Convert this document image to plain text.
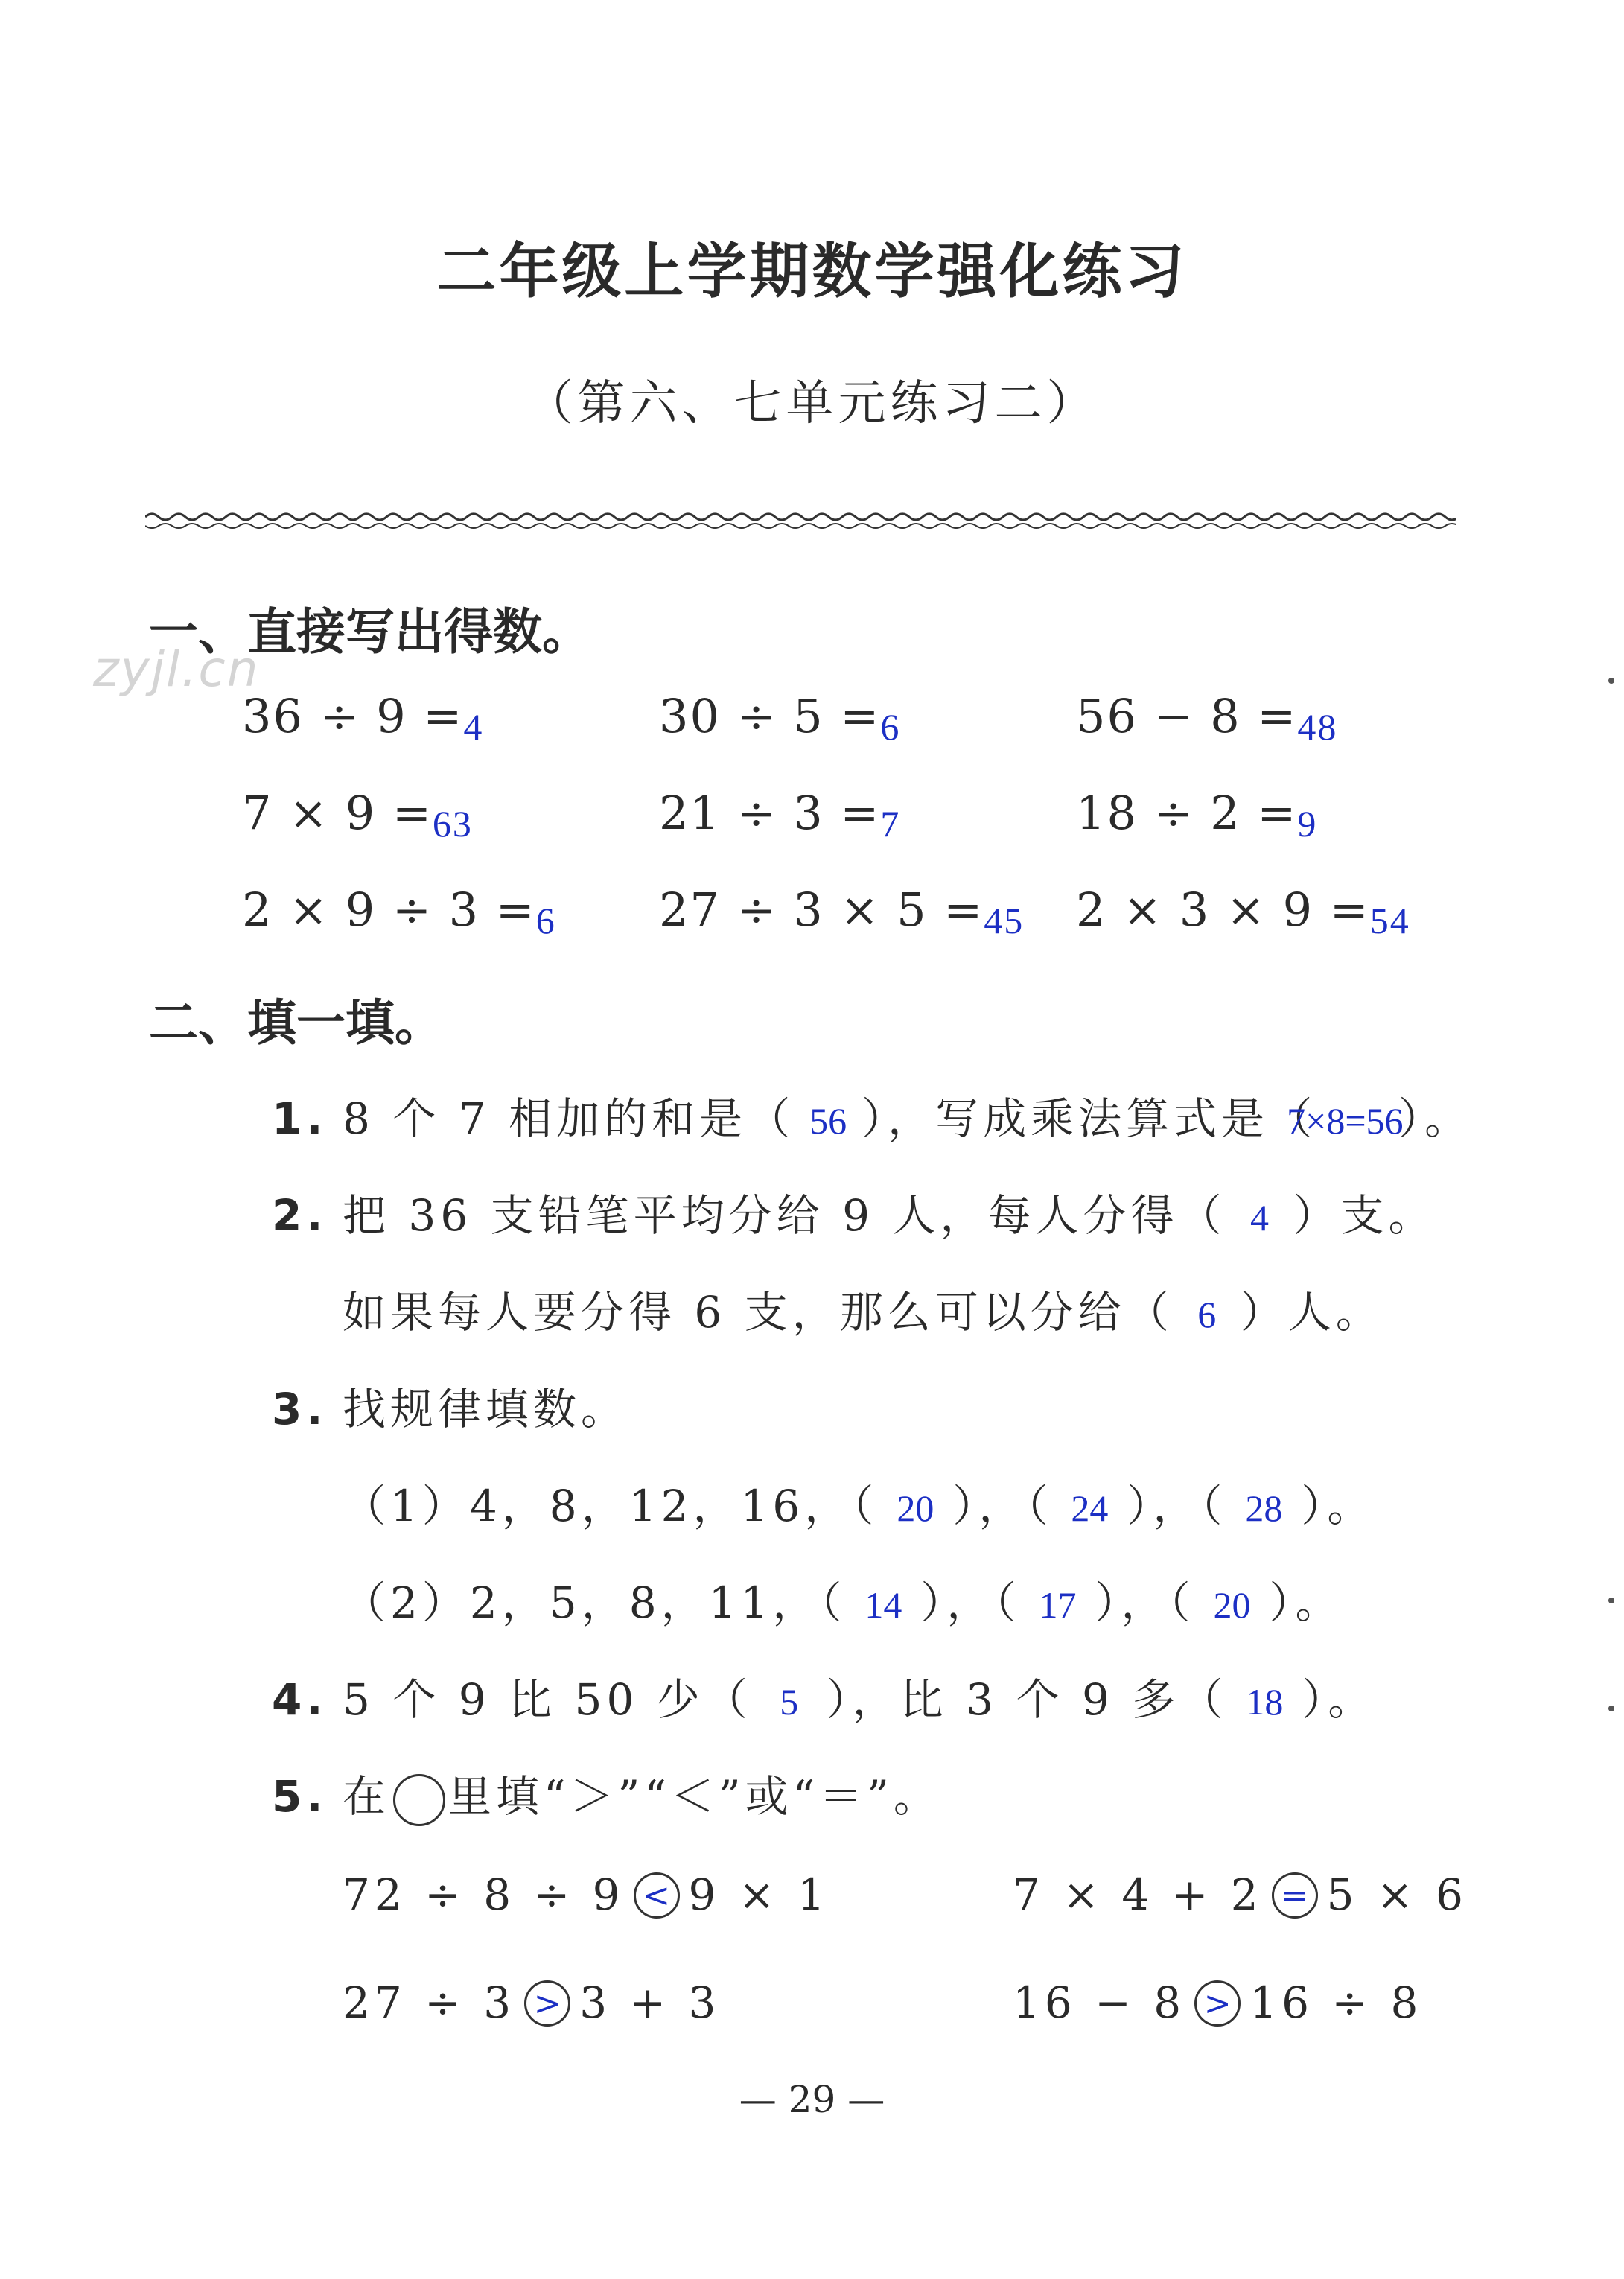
二年级上学期数学强化练习
（第六、七单元练习二）
zyjl.cn
一、直接写出得数。
36 ÷ 9 =4	30 ÷ 5 =6	56 − 8 =48
7 × 9 =63	21 ÷ 3 =7	18 ÷ 2 =9
2 × 9 ÷ 3 =6 27 ÷ 3 × 5 =45 2 × 3 × 9 =54
二、填一填。
1. 8 个 7 相加的和是（ 56 ），写成乘法算式是（7×8=56）。
2. 把 36 支铅笔平均分给 9 人，每人分得（ 4 ）支。
如果每人要分得 6 支，那么可以分给（ 6 ）人。
3. 找规律填数。
（1）4，8，12，16，（ 20 ），（ 24 ），（ 28 ）。
（2）2，5，8，11，（ 14 ），（ 17 ），（ 20 ）。
4. 5 个 9 比 50 少（ 5 ），比 3 个 9 多（ 18 ）。
5. 在 里填“＞”“＜”或“＝”。
72 ÷ 8 ÷ 9 < 9 × 1	7 × 4 + 2 = 5 × 6
27 ÷ 3 > 3 + 3	16 − 8 > 16 ÷ 8
— 29 —
